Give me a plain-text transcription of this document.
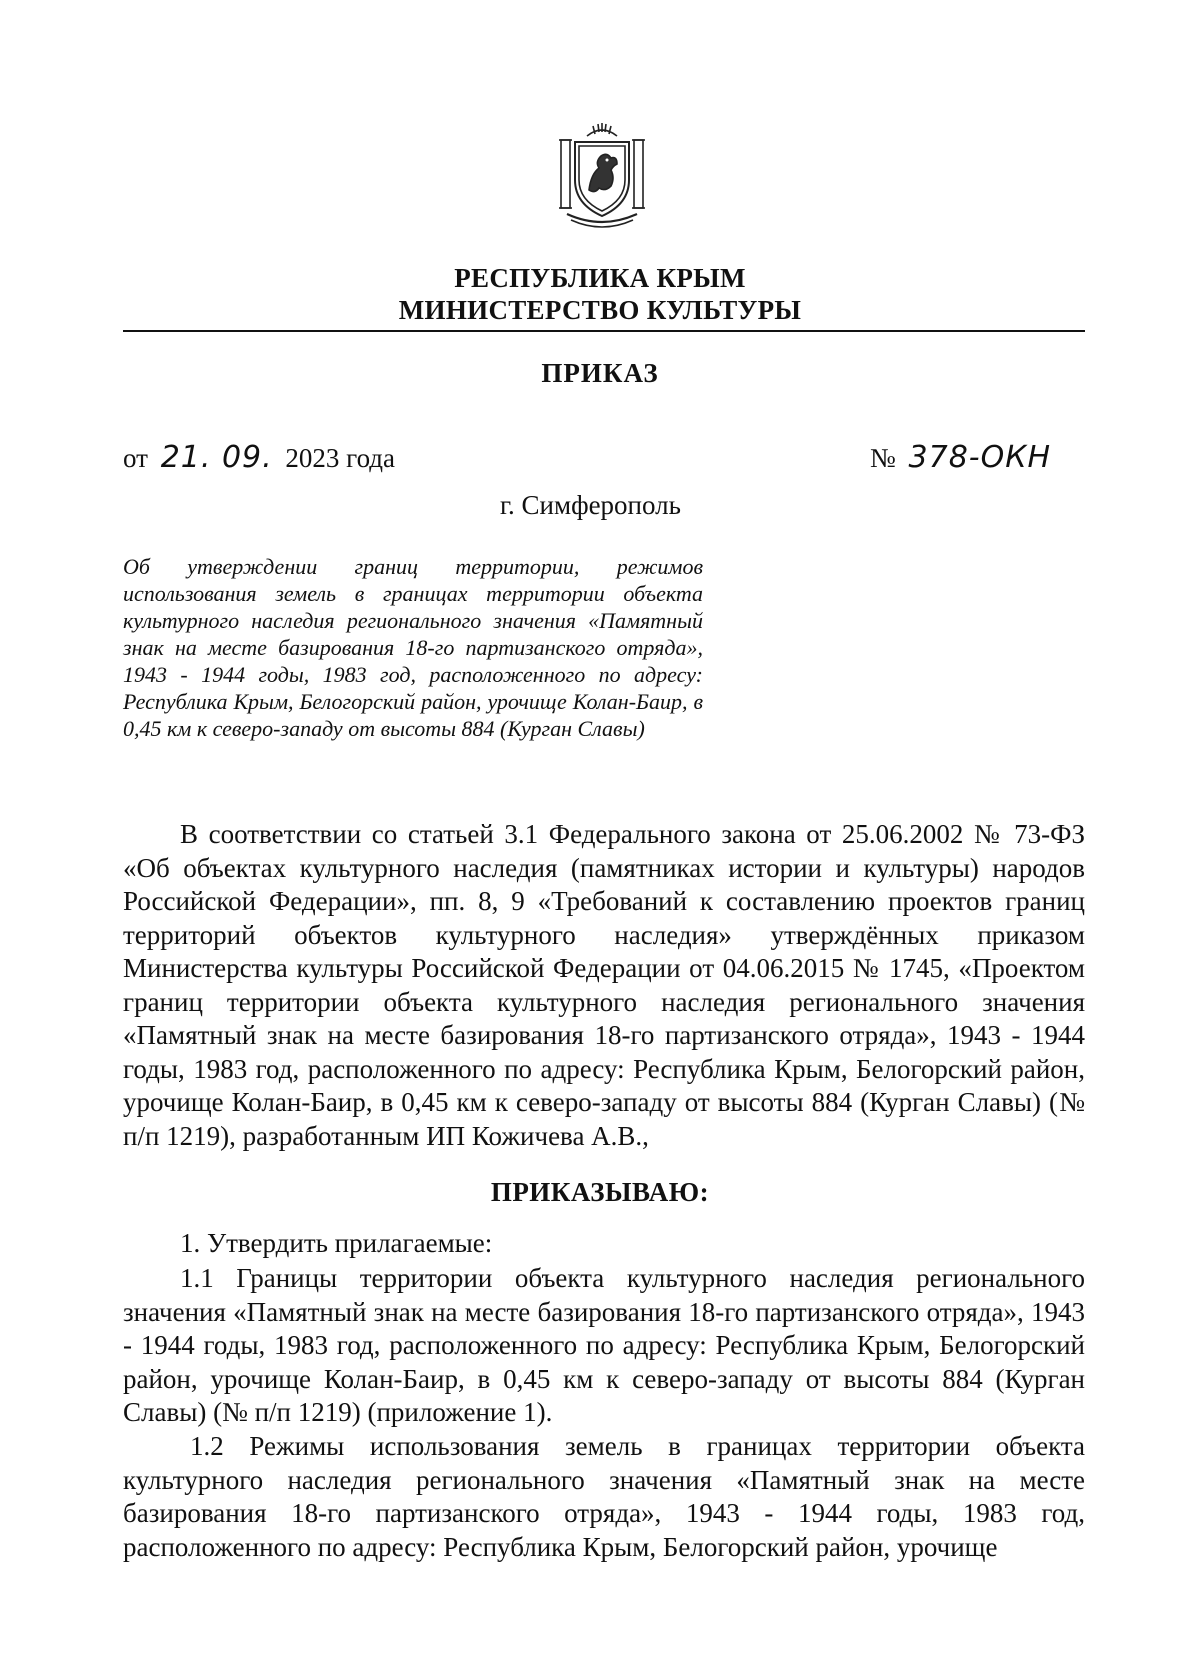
РЕСПУБЛИКА КРЫМ
МИНИСТЕРСТВО КУЛЬТУРЫ
ПРИКАЗ
от 21. 09. 2023 года	№ 378-ОКН
г. Симферополь
Об утверждении границ территории, режимов использования земель в границах территории объекта культурного наследия регионального значения «Памятный знак на месте базирования 18-го партизанского отряда», 1943 - 1944 годы, 1983 год, расположенного по адресу: Республика Крым, Белогорский район, урочище Колан-Баир, в 0,45 км к северо-западу от высоты 884 (Курган Славы)
В соответствии со статьей 3.1 Федерального закона от 25.06.2002 № 73-ФЗ «Об объектах культурного наследия (памятниках истории и культуры) народов Российской Федерации», пп. 8, 9 «Требований к составлению проектов границ территорий объектов культурного наследия» утверждённых приказом Министерства культуры Российской Федерации от 04.06.2015 № 1745, «Проектом границ территории объекта культурного наследия регионального значения «Памятный знак на месте базирования 18-го партизанского отряда», 1943 - 1944 годы, 1983 год, расположенного по адресу: Республика Крым, Белогорский район, урочище Колан-Баир, в 0,45 км к северо-западу от высоты 884 (Курган Славы) (№ п/п 1219), разработанным ИП Кожичева А.В.,
ПРИКАЗЫВАЮ:
1. Утвердить прилагаемые:
1.1 Границы территории объекта культурного наследия регионального значения «Памятный знак на месте базирования 18-го партизанского отряда», 1943 - 1944 годы, 1983 год, расположенного по адресу: Республика Крым, Белогорский район, урочище Колан-Баир, в 0,45 км к северо-западу от высоты 884 (Курган Славы) (№ п/п 1219) (приложение 1).
1.2 Режимы использования земель в границах территории объекта культурного наследия регионального значения «Памятный знак на месте базирования 18-го партизанского отряда», 1943 - 1944 годы, 1983 год, расположенного по адресу: Республика Крым, Белогорский район, урочище
